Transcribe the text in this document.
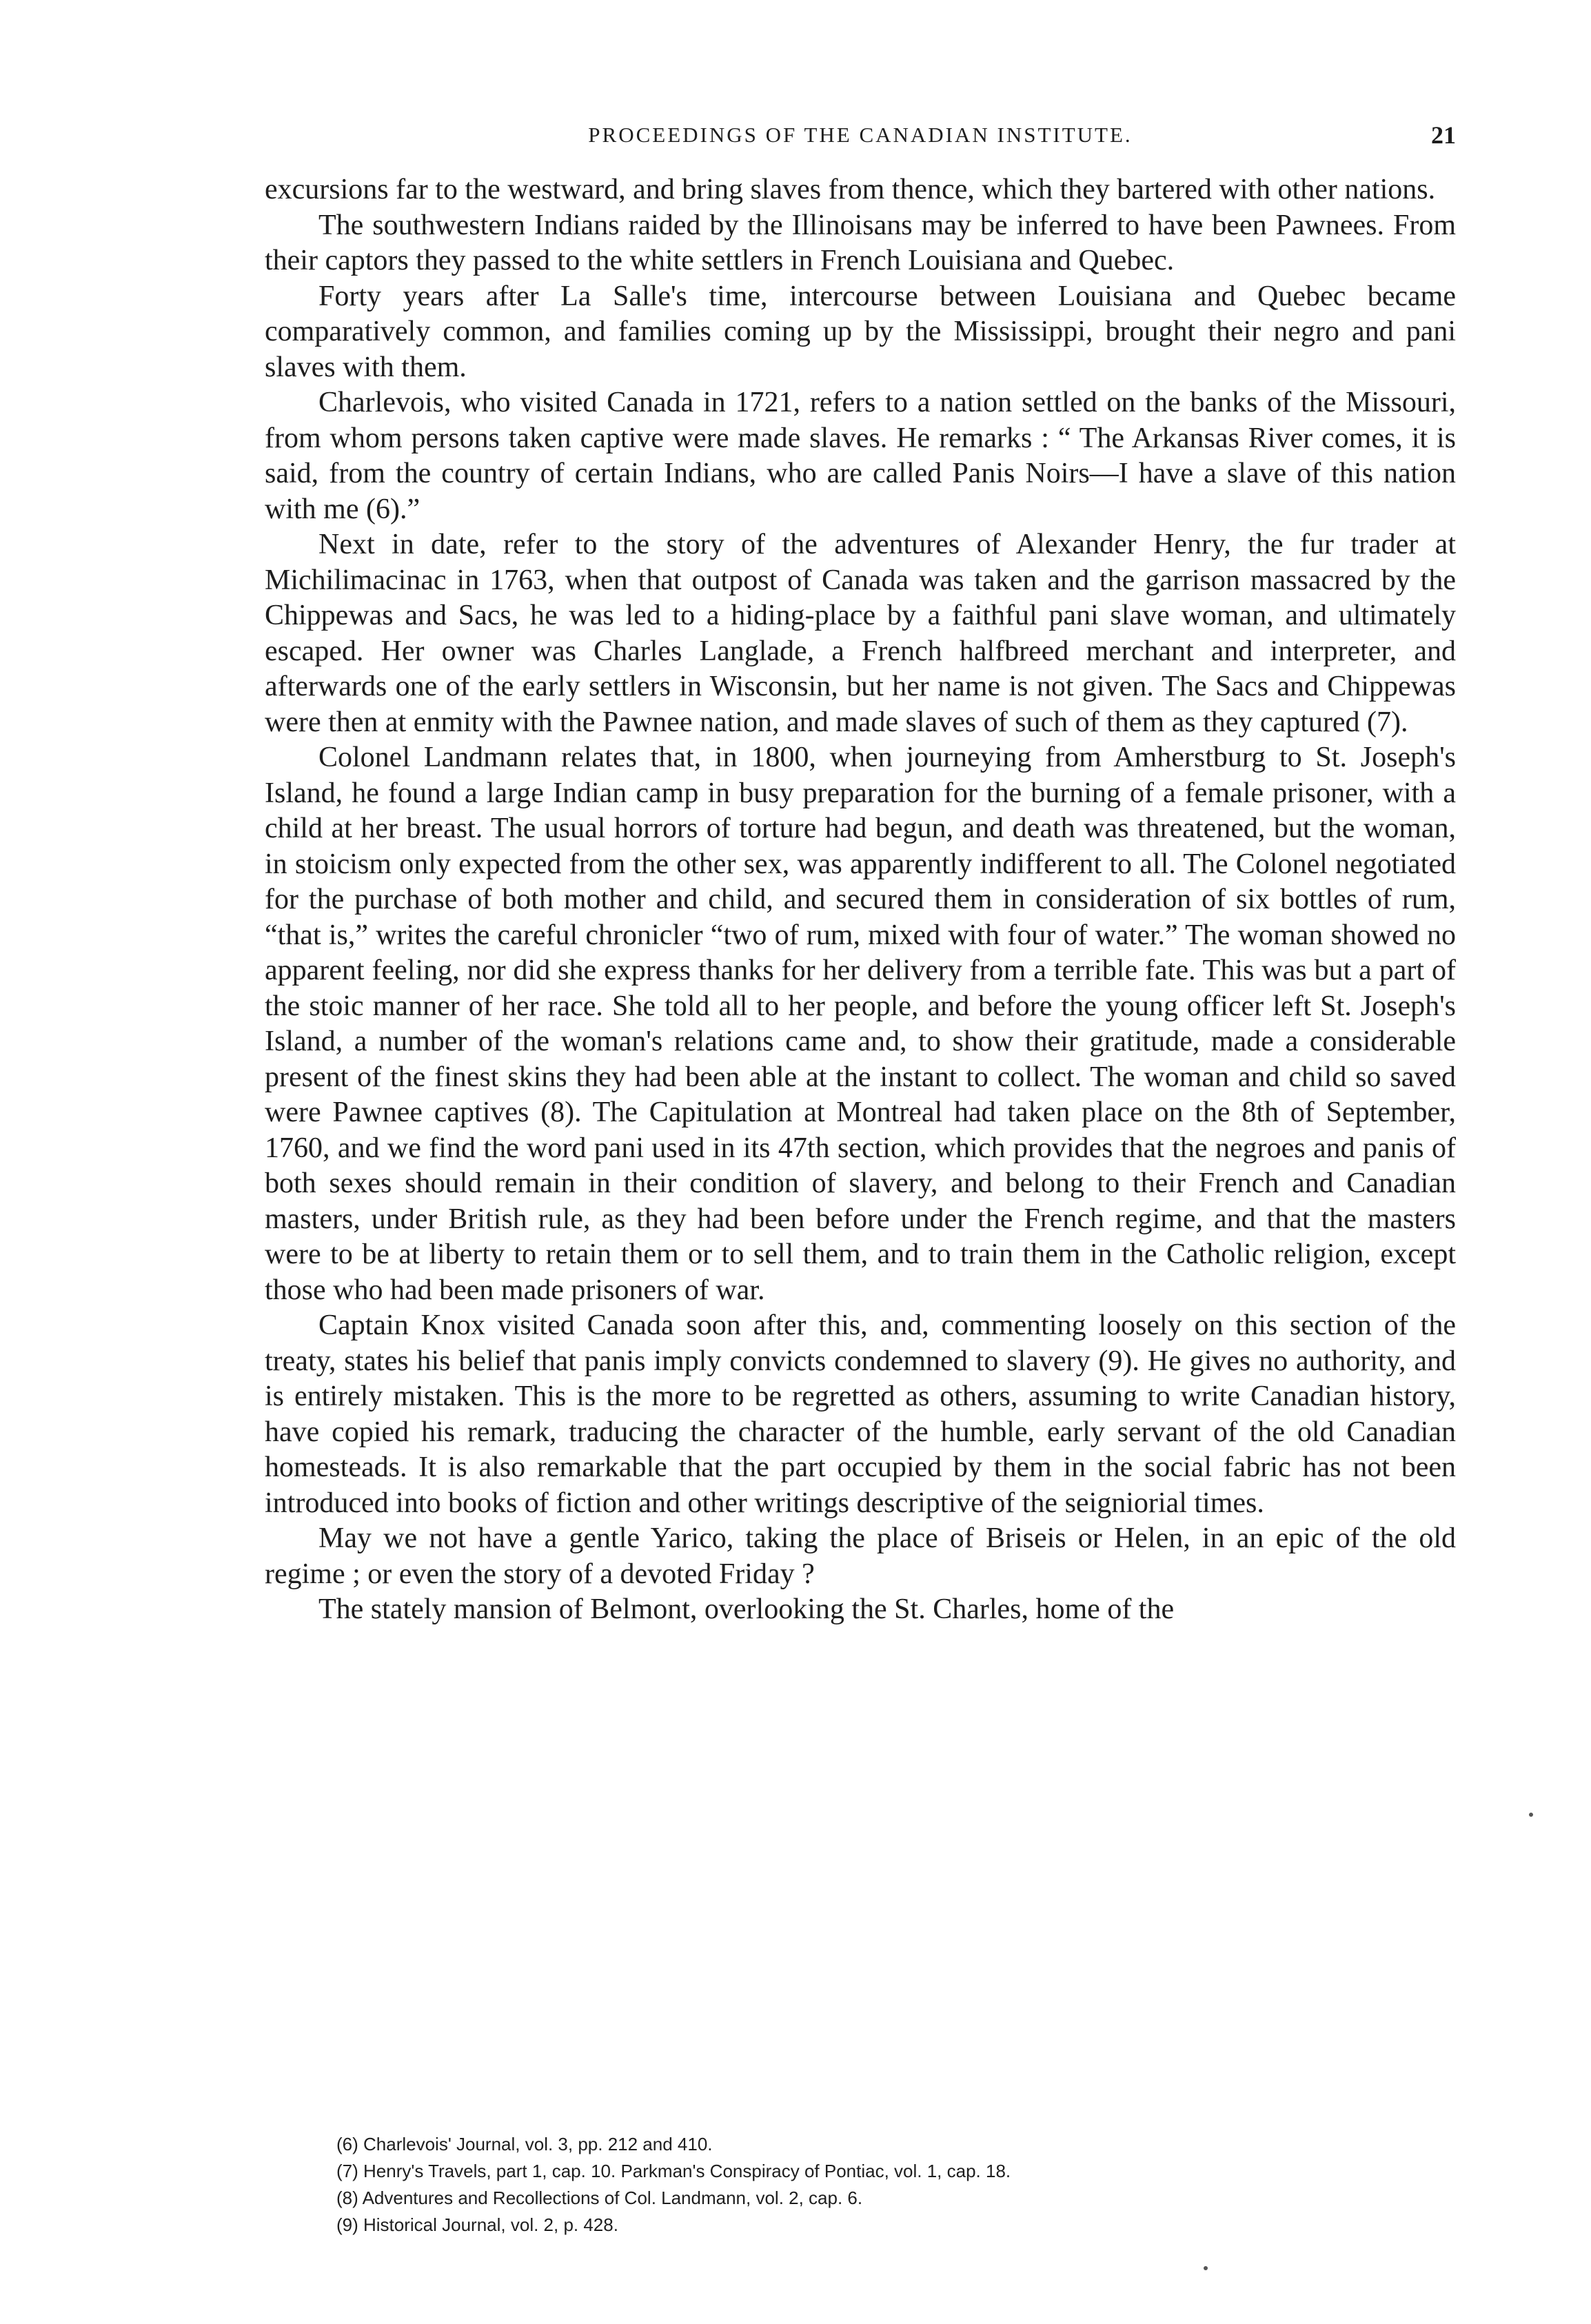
PROCEEDINGS OF THE CANADIAN INSTITUTE.	21

excursions far to the westward, and bring slaves from thence, which they bartered with other nations.

The southwestern Indians raided by the Illinoisans may be inferred to have been Pawnees. From their captors they passed to the white settlers in French Louisiana and Quebec.

Forty years after La Salle's time, intercourse between Louisiana and Quebec became comparatively common, and families coming up by the Mississippi, brought their negro and pani slaves with them.

Charlevois, who visited Canada in 1721, refers to a nation settled on the banks of the Missouri, from whom persons taken captive were made slaves. He remarks : “ The Arkansas River comes, it is said, from the country of certain Indians, who are called Panis Noirs—I have a slave of this nation with me (6).”

Next in date, refer to the story of the adventures of Alexander Henry, the fur trader at Michilimacinac in 1763, when that outpost of Canada was taken and the garrison massacred by the Chippewas and Sacs, he was led to a hiding-place by a faithful pani slave woman, and ultimately escaped. Her owner was Charles Langlade, a French halfbreed merchant and interpreter, and afterwards one of the early settlers in Wisconsin, but her name is not given. The Sacs and Chippewas were then at enmity with the Pawnee nation, and made slaves of such of them as they captured (7).

Colonel Landmann relates that, in 1800, when journeying from Amherstburg to St. Joseph's Island, he found a large Indian camp in busy preparation for the burning of a female prisoner, with a child at her breast. The usual horrors of torture had begun, and death was threatened, but the woman, in stoicism only expected from the other sex, was apparently indifferent to all. The Colonel negotiated for the purchase of both mother and child, and secured them in consideration of six bottles of rum, “that is,” writes the careful chronicler “two of rum, mixed with four of water.” The woman showed no apparent feeling, nor did she express thanks for her delivery from a terrible fate. This was but a part of the stoic manner of her race. She told all to her people, and before the young officer left St. Joseph's Island, a number of the woman's relations came and, to show their gratitude, made a considerable present of the finest skins they had been able at the instant to collect. The woman and child so saved were Pawnee captives (8). The Capitulation at Montreal had taken place on the 8th of September, 1760, and we find the word pani used in its 47th section, which provides that the negroes and panis of both sexes should remain in their condition of slavery, and belong to their French and Canadian masters, under British rule, as they had been before under the French regime, and that the masters were to be at liberty to retain them or to sell them, and to train them in the Catholic religion, except those who had been made prisoners of war.

Captain Knox visited Canada soon after this, and, commenting loosely on this section of the treaty, states his belief that panis imply convicts condemned to slavery (9). He gives no authority, and is entirely mistaken. This is the more to be regretted as others, assuming to write Canadian history, have copied his remark, traducing the character of the humble, early servant of the old Canadian homesteads. It is also remarkable that the part occupied by them in the social fabric has not been introduced into books of fiction and other writings descriptive of the seigniorial times.

May we not have a gentle Yarico, taking the place of Briseis or Helen, in an epic of the old regime ; or even the story of a devoted Friday ?

The stately mansion of Belmont, overlooking the St. Charles, home of the

(6) Charlevois' Journal, vol. 3, pp. 212 and 410.

(7) Henry's Travels, part 1, cap. 10. Parkman's Conspiracy of Pontiac, vol. 1, cap. 18.

(8) Adventures and Recollections of Col. Landmann, vol. 2, cap. 6.

(9) Historical Journal, vol. 2, p. 428.
